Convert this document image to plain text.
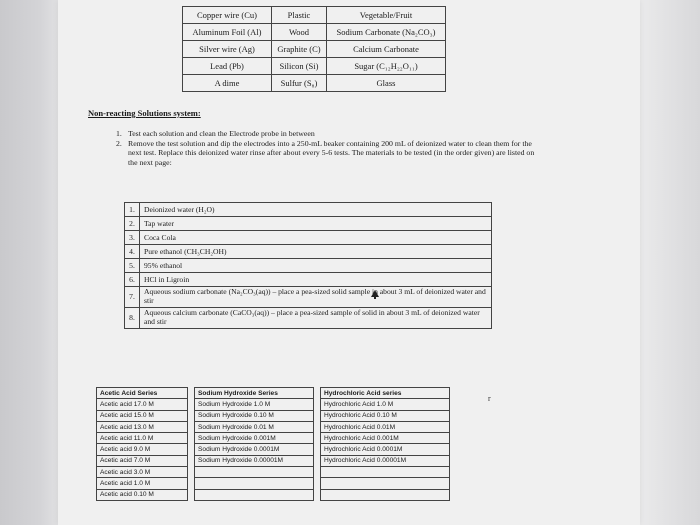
Copper wire (Cu)	Plastic	Vegetable/Fruit
Aluminum Foil (Al)	Wood	Sodium Carbonate (Na₂CO₃)
Silver wire (Ag)	Graphite (C)	Calcium Carbonate
Lead (Pb)	Silicon (Si)	Sugar (C₁₂H₂₂O₁₁)
A dime	Sulfur (S₈)	Glass
Non-reacting Solutions system:
1. Test each solution and clean the Electrode probe in between
2. Remove the test solution and dip the electrodes into a 250-mL beaker containing 200 mL of deionized water to clean them for the next test. Replace this deionized water rinse after about every 5-6 tests. The materials to be tested (in the order given) are listed on the next page:
1.	Deionized water (H₂O)
2.	Tap water
3.	Coca Cola
4.	Pure ethanol (CH₃CH₂OH)
5.	95% ethanol
6.	HCl in Ligroin
7.	Aqueous sodium carbonate (Na₂CO₃(aq)) – place a pea-sized solid sample in about 3 mL of deionized water and stir
8.	Aqueous calcium carbonate (CaCO₃(aq)) – place a pea-sized sample of solid in about 3 mL of deionized water and stir
Acetic Acid Series
Acetic acid 17.0 M
Acetic acid 15.0 M
Acetic acid 13.0 M
Acetic acid 11.0 M
Acetic acid 9.0 M
Acetic acid 7.0 M
Acetic acid 3.0 M
Acetic acid 1.0 M
Acetic acid 0.10 M
Sodium Hydroxide Series
Sodium Hydroxide 1.0 M
Sodium Hydroxide 0.10 M
Sodium Hydroxide 0.01 M
Sodium Hydroxide 0.001M
Sodium Hydroxide 0.0001M
Sodium Hydroxide 0.00001M

Hydrochloric Acid series
Hydrochloric Acid 1.0 M
Hydrochloric Acid 0.10 M
Hydrochloric Acid 0.01M
Hydrochloric Acid 0.001M
Hydrochloric Acid 0.0001M
Hydrochloric Acid 0.00001M

r
